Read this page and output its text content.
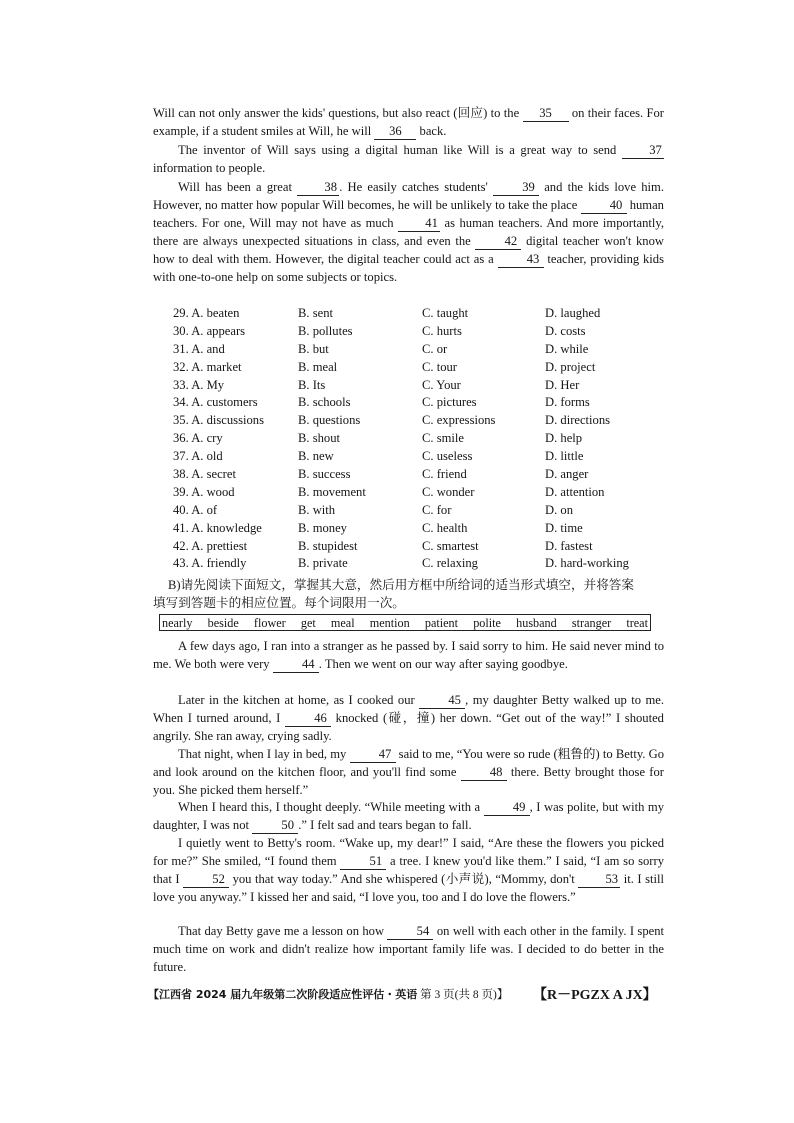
Will can not only answer the kids' questions, but also react (回应) to the 35 on their faces. For example, if a student smiles at Will, he will 36 back.

The inventor of Will says using a digital human like Will is a great way to send	37 information to people.

Will has been a great	38 . He easily catches students'	39 and the kids love him. However, no matter how popular Will becomes, he will be unlikely to take the place	40 human teachers. For one, Will may not have as much	41 as human teachers. And more importantly, there are always unexpected situations in class, and even the	42 digital teacher won't know how to deal with them. However, the digital teacher could act as a	43 teacher, providing kids with one-to-one help on some subjects or topics.

29. A. beaten	B. sent	C. taught	D. laughed
30. A. appears	B. pollutes	C. hurts	D. costs
31. A. and	B. but	C. or	D. while
32. A. market	B. meal	C. tour	D. project
33. A. My	B. Its	C. Your	D. Her
34. A. customers	B. schools	C. pictures	D. forms
35. A. discussions	B. questions	C. expressions	D. directions
36. A. cry	B. shout	C. smile	D. help
37. A. old	B. new	C. useless	D. little
38. A. secret	B. success	C. friend	D. anger
39. A. wood	B. movement	C. wonder	D. attention
40. A. of	B. with	C. for	D. on
41. A. knowledge	B. money	C. health	D. time
42. A. prettiest	B. stupidest	C. smartest	D. fastest
43. A. friendly	B. private	C. relaxing	D. hard-working
B)请先阅读下面短文，掌握其大意，然后用方框中所给词的适当形式填空，并将答案
填写到答题卡的相应位置。每个词限用一次。
nearly beside flower get meal mention patient polite husband stranger treat

A few days ago, I ran into a stranger as he passed by. I said sorry to him. He said never mind to me. We both were very	44 . Then we went on our way after saying goodbye.

Later in the kitchen at home, as I cooked our	45 , my daughter Betty walked up to me. When I turned around, I	46 knocked (碰，撞) her down. “Get out of the way!” I shouted angrily. She ran away, crying sadly.

That night, when I lay in bed, my	47 said to me, “You were so rude (粗鲁的) to Betty. Go and look around on the kitchen floor, and you'll find some	48 there. Betty brought those for you. She picked them herself.”

When I heard this, I thought deeply. “While meeting with a	49 , I was polite, but with my daughter, I was not	50 .” I felt sad and tears began to fall.

I quietly went to Betty's room. “Wake up, my dear!” I said, “Are these the flowers you picked for me?” She smiled, “I found them	51 a tree. I knew you'd like them.” I said, “I am so sorry that I	52 you that way today.” And she whispered (小声说), “Mommy, don't 53 it. I still love you anyway.” I kissed her and said, “I love you, too and I do love the flowers.”

That day Betty gave me a lesson on how	54 on well with each other in the family. I spent much time on work and didn't realize how important family life was. I decided to do better in the future.

【江西省 2024 届九年级第二次阶段适应性评估・英语 第 3 页(共 8 页)】 【R－PGZX A JX】
